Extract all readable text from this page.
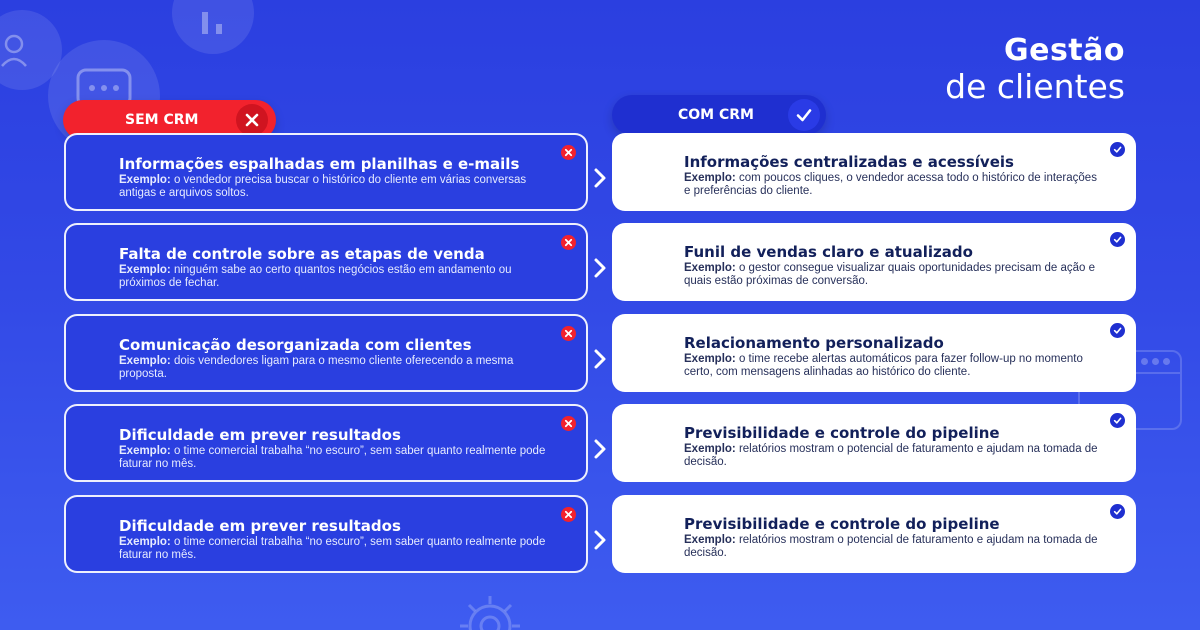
Gestão
de clientes
SEM CRM	COM CRM
Informações espalhadas em planilhas e e-mails

Exemplo: o vendedor precisa buscar o histórico do cliente em várias conversas antigas e arquivos soltos.

Informações centralizadas e acessíveis

Exemplo: com poucos cliques, o vendedor acessa todo o histórico de interações e preferências do cliente.

Falta de controle sobre as etapas de venda

Exemplo: ninguém sabe ao certo quantos negócios estão em andamento ou próximos de fechar.

Funil de vendas claro e atualizado

Exemplo: o gestor consegue visualizar quais oportunidades precisam de ação e quais estão próximas de conversão.

Comunicação desorganizada com clientes

Exemplo: dois vendedores ligam para o mesmo cliente oferecendo a mesma proposta.

Relacionamento personalizado

Exemplo: o time recebe alertas automáticos para fazer follow-up no momento certo, com mensagens alinhadas ao histórico do cliente.

Dificuldade em prever resultados

Exemplo: o time comercial trabalha “no escuro”, sem saber quanto realmente pode faturar no mês.

Previsibilidade e controle do pipeline

Exemplo: relatórios mostram o potencial de faturamento e ajudam na tomada de decisão.

Dificuldade em prever resultados

Exemplo: o time comercial trabalha “no escuro”, sem saber quanto realmente pode faturar no mês.

Previsibilidade e controle do pipeline

Exemplo: relatórios mostram o potencial de faturamento e ajudam na tomada de decisão.
